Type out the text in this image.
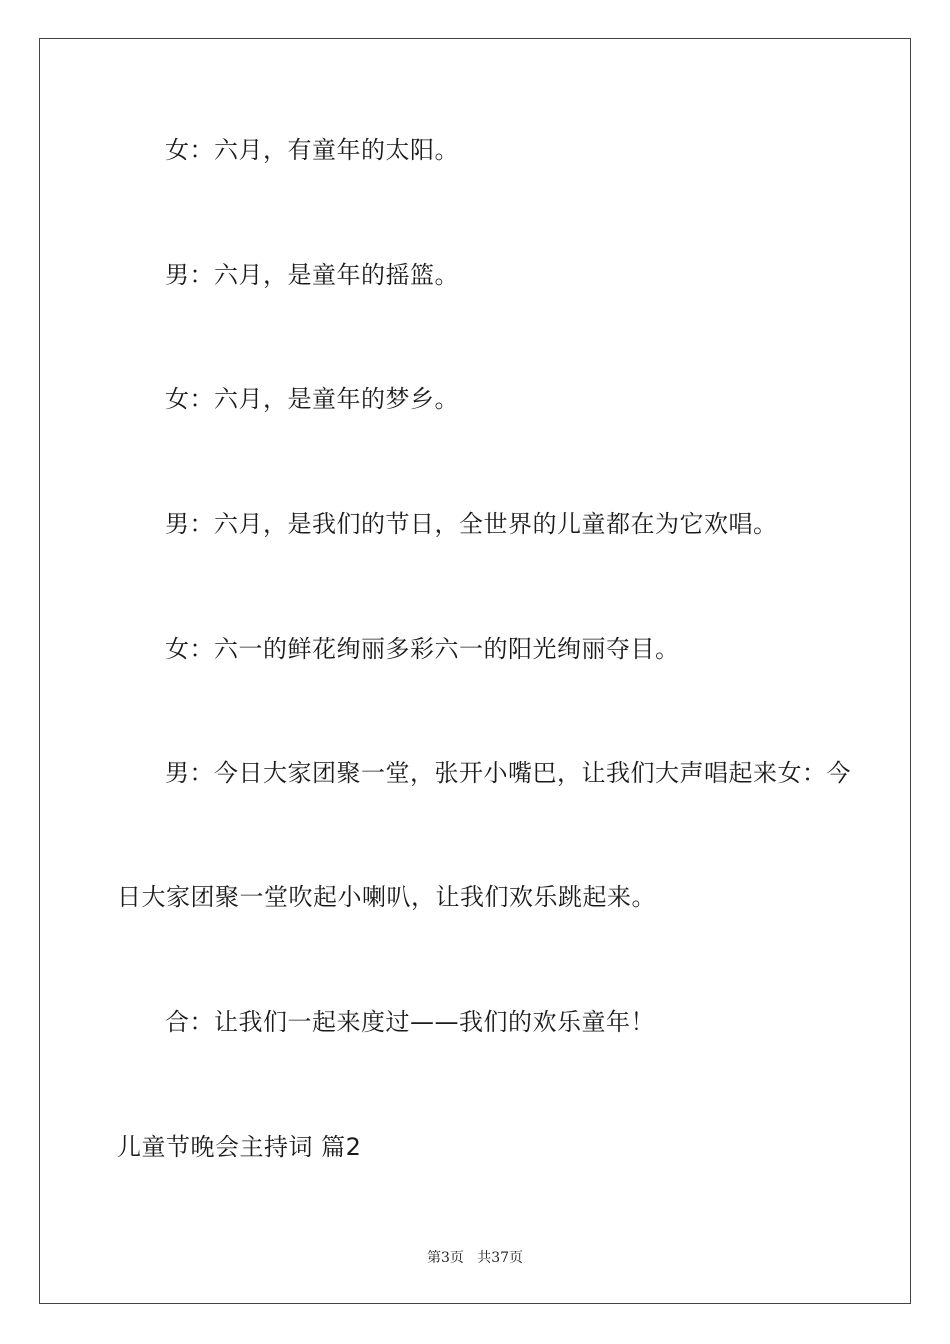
女：六月，有童年的太阳。
男：六月，是童年的摇篮。
女：六月，是童年的梦乡。
男：六月，是我们的节日，全世界的儿童都在为它欢唱。
女：六一的鲜花绚丽多彩六一的阳光绚丽夺目。
男：今日大家团聚一堂，张开小嘴巴，让我们大声唱起来女：今
日大家团聚一堂吹起小喇叭，让我们欢乐跳起来。
合：让我们一起来度过——我们的欢乐童年！
儿童节晚会主持词 篇2
第3页   共37页
